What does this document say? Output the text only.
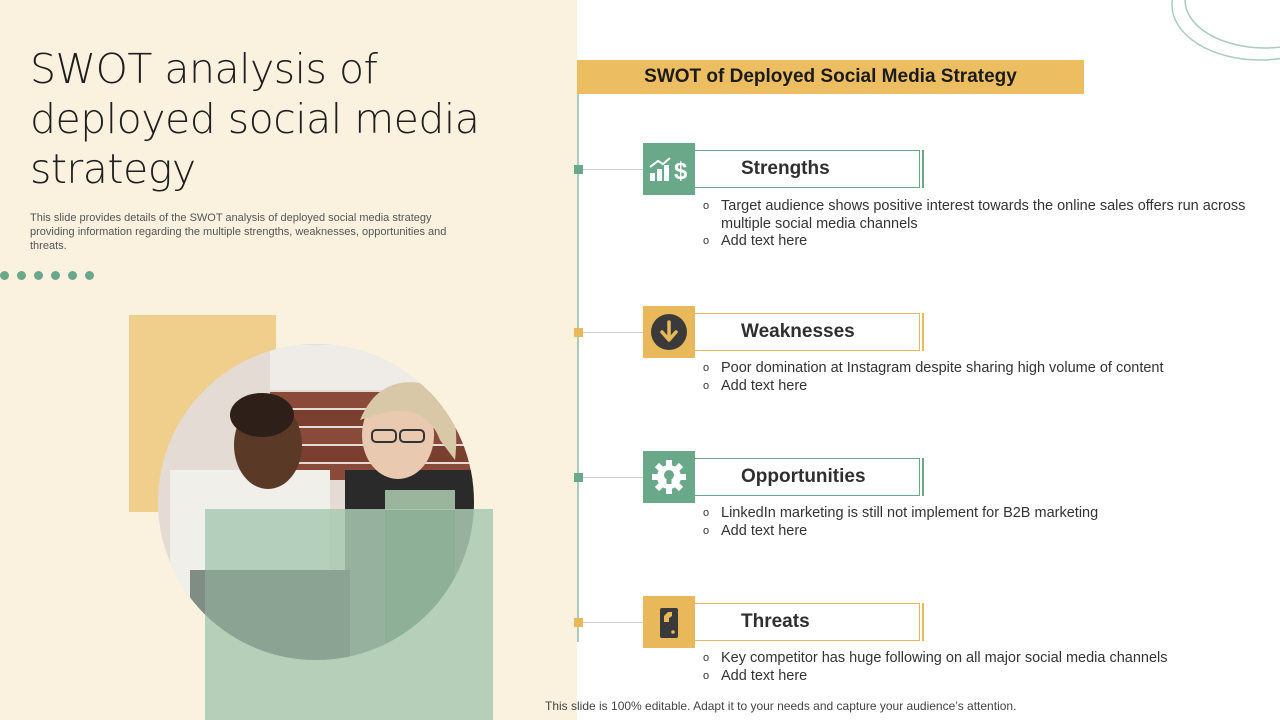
SWOT analysis of deployed social media strategy
This slide provides details of the SWOT analysis of deployed social media strategy providing information regarding the multiple strengths, weaknesses, opportunities and threats.
SWOT of Deployed Social Media Strategy
$	Strengths
o Target audience shows positive interest towards the online sales offers run across multiple social media channels
o Add text here
Weaknesses
o Poor domination at Instagram despite sharing high volume of content
o Add text here
Opportunities
o LinkedIn marketing is still not implement for B2B marketing
o Add text here
Threats
o Key competitor has huge following on all major social media channels
o Add text here
This slide is 100% editable. Adapt it to your needs and capture your audience’s attention.
